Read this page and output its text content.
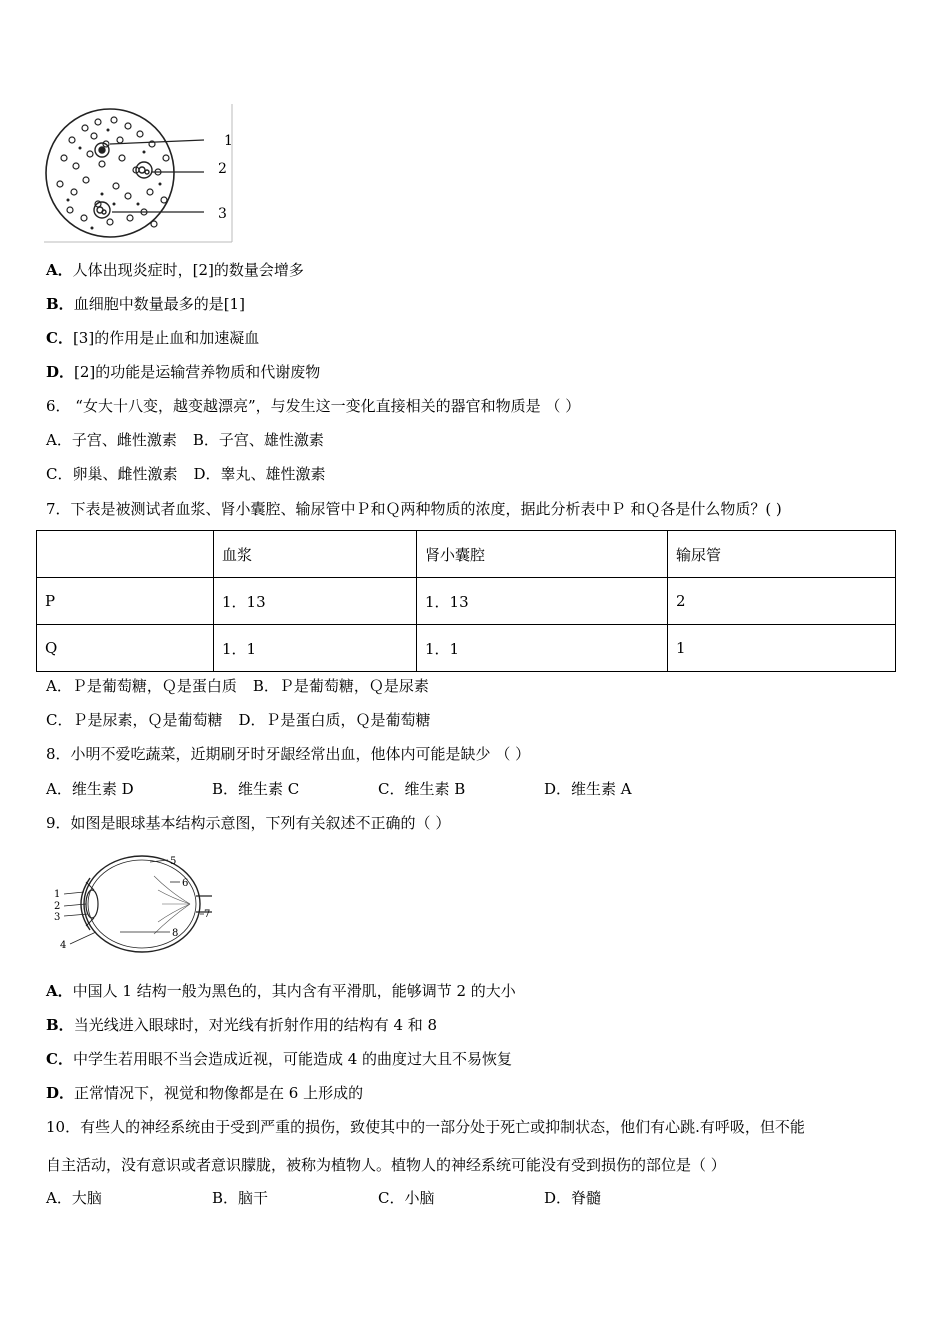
1
2
3
A．人体出现炎症时，[2]的数量会增多
B．血细胞中数量最多的是[1]
C．[3]的作用是止血和加速凝血
D．[2]的功能是运输营养物质和代谢废物
6． “女大十八变，越变越漂亮”，与发生这一变化直接相关的器官和物质是 （ ）
A．子宫、雌性激素 B．子宫、雄性激素
C．卵巢、雌性激素 D．睾丸、雄性激素
7．下表是被测试者血浆、肾小囊腔、输尿管中Ｐ和Ｑ两种物质的浓度，据此分析表中Ｐ 和Ｑ各是什么物质？( )
	血浆	肾小囊腔	输尿管
P	1．13	1．13	2
Q	1．1	1．1	1
A．Ｐ是葡萄糖，Ｑ是蛋白质 B．Ｐ是葡萄糖，Ｑ是尿素
C．Ｐ是尿素，Ｑ是葡萄糖 D．Ｐ是蛋白质，Ｑ是葡萄糖
8．小明不爱吃蔬菜，近期刷牙时牙龈经常出血，他体内可能是缺少 （ ）
A．维生素 D	B．维生素 C	C．维生素 B	D．维生素 A
9．如图是眼球基本结构示意图，下列有关叙述不正确的（ ）
1
2
3
4
5
6
7
8
A．中国人 1 结构一般为黑色的，其内含有平滑肌，能够调节 2 的大小
B．当光线进入眼球时，对光线有折射作用的结构有 4 和 8
C．中学生若用眼不当会造成近视，可能造成 4 的曲度过大且不易恢复
D．正常情况下，视觉和物像都是在 6 上形成的
10．有些人的神经系统由于受到严重的损伤，致使其中的一部分处于死亡或抑制状态，他们有心跳.有呼吸，但不能
自主活动，没有意识或者意识朦胧，被称为植物人。植物人的神经系统可能没有受到损伤的部位是（ ）
A．大脑	B．脑干	C．小脑	D．脊髓
